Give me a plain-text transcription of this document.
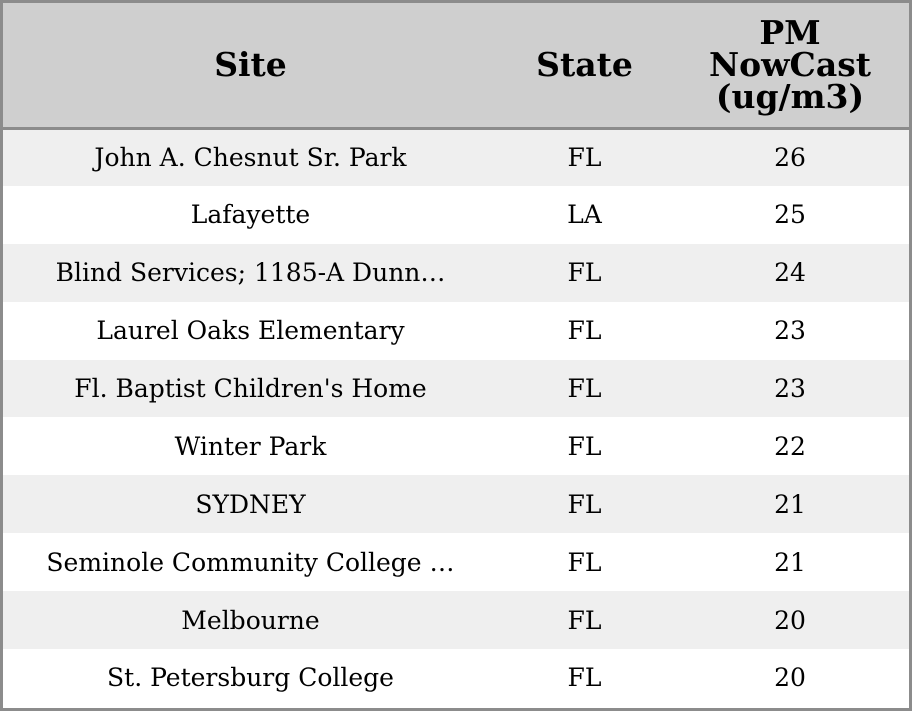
Site	State	PM
NowCast
(ug/m3)

John A. Chesnut Sr. Park	FL	26
Lafayette	LA	25
Blind Services; 1185-A Dunn…	FL	24
Laurel Oaks Elementary	FL	23
Fl. Baptist Children's Home	FL	23
Winter Park	FL	22
SYDNEY	FL	21
Seminole Community College …	FL	21
Melbourne	FL	20
St. Petersburg College	FL	20
